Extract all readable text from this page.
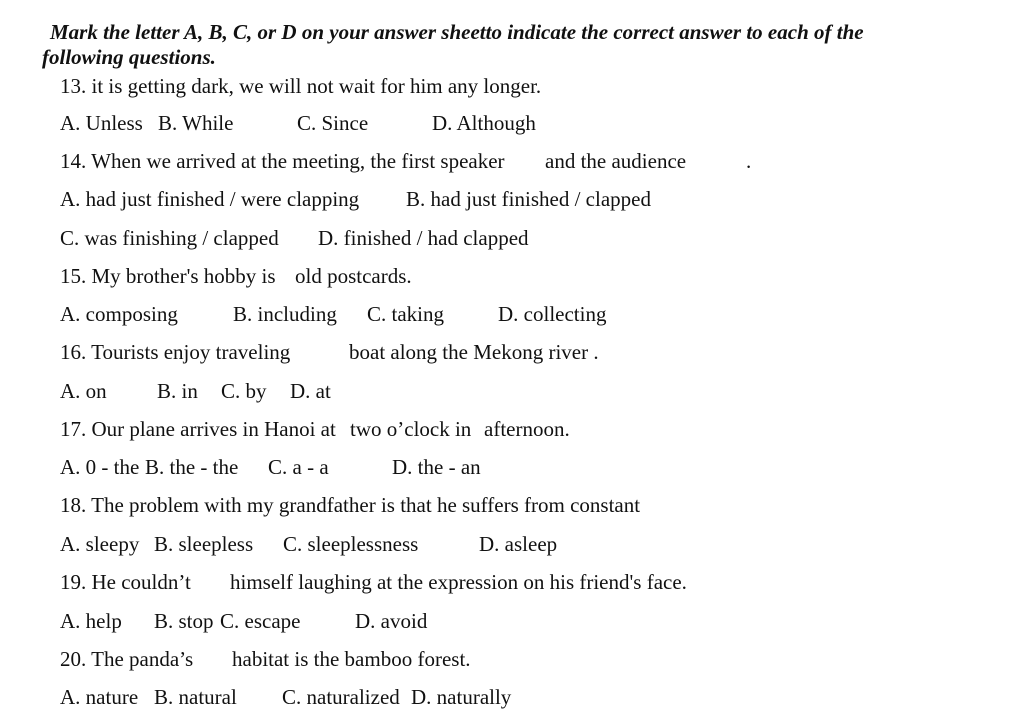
Mark the letter A, B, C, or D on your answer sheetto indicate the correct answer to each of the following questions.
13. it is getting dark, we will not wait for him any longer.
A. Unless B. While	C. Since	D. Although
14. When we arrived at the meeting, the first speaker and the audience	.
A. had just finished / were clapping B. had just finished / clapped
C. was finishing / clapped D. finished / had clapped
15. My brother's hobby is old postcards.
A. composing	B. including C. taking	D. collecting
16. Tourists enjoy traveling	boat along the Mekong river .
A. on B. in C. by D. at
17. Our plane arrives in Hanoi at two o’clock in afternoon.
A. 0 - the B. the - the C. a - a	D. the - an
18. The problem with my grandfather is that he suffers from constant
A. sleepy B. sleepless C. sleeplessness	D. asleep
19. He couldn’t himself laughing at the expression on his friend's face.
A. help B. stop C. escape	D. avoid
20. The panda’s habitat is the bamboo forest.
A. nature B. natural C. naturalized D. naturally
